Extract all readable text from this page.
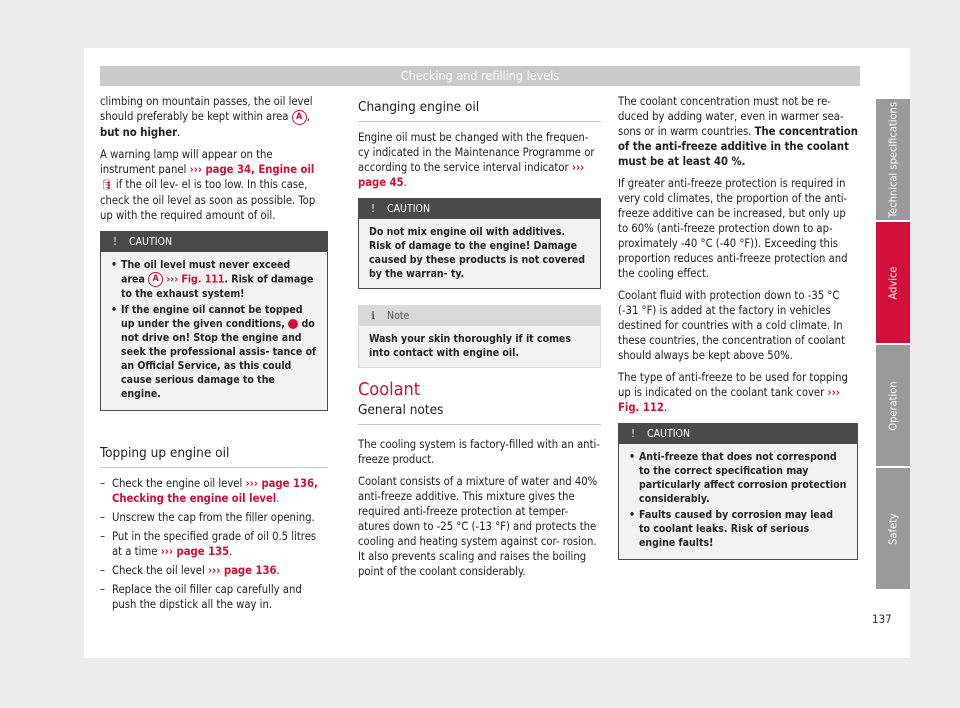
Checking and refilling levels

climbing on mountain passes, the oil level should preferably be kept within area A , but no higher.

A warning lamp will appear on the instrument panel ››› page 34, Engine oil 🛢 if the oil lev- el is too low. In this case, check the oil level as soon as possible. Top up with the required amount of oil.

! CAUTION
• The oil level must never exceed area A ››› Fig. 111. Risk of damage to the exhaust system!
• If the engine oil cannot be topped up under the given conditions,  do not drive on! Stop the engine and seek the professional assis- tance of an Official Service, as this could cause serious damage to the engine.
Topping up engine oil
– Check the engine oil level ››› page 136, Checking the engine oil level.
– Unscrew the cap from the filler opening.
– Put in the specified grade of oil 0.5 litres at a time ››› page 135.
– Check the oil level ››› page 136.
– Replace the oil filler cap carefully and push the dipstick all the way in.
Changing engine oil

Engine oil must be changed with the frequen- cy indicated in the Maintenance Programme or according to the service interval indicator ››› page 45.

! CAUTION
Do not mix engine oil with additives. Risk of damage to the engine! Damage caused by these products is not covered by the warran- ty.
ℹ Note
Wash your skin thoroughly if it comes into contact with engine oil.
Coolant
General notes

The cooling system is factory-filled with an anti-freeze product.

Coolant consists of a mixture of water and 40% anti-freeze additive. This mixture gives the required anti-freeze protection at temper- atures down to -25 °C (-13 °F) and protects the cooling and heating system against cor- rosion. It also prevents scaling and raises the boiling point of the coolant considerably.

The coolant concentration must not be re- duced by adding water, even in warmer sea- sons or in warm countries. The concentration of the anti-freeze additive in the coolant must be at least 40 %.

If greater anti-freeze protection is required in very cold climates, the proportion of the anti- freeze additive can be increased, but only up to 60% (anti-freeze protection down to ap- proximately -40 °C (-40 °F)). Exceeding this proportion reduces anti-freeze protection and the cooling effect.

Coolant fluid with protection down to -35 °C (-31 °F) is added at the factory in vehicles destined for countries with a cold climate. In these countries, the concentration of coolant should always be kept above 50%.

The type of anti-freeze to be used for topping up is indicated on the coolant tank cover ››› Fig. 112.

! CAUTION
• Anti-freeze that does not correspond to the correct specification may particularly affect corrosion protection considerably.
• Faults caused by corrosion may lead to coolant leaks. Risk of serious engine faults!
Technical specifications
Advice
Operation
Safety
137
